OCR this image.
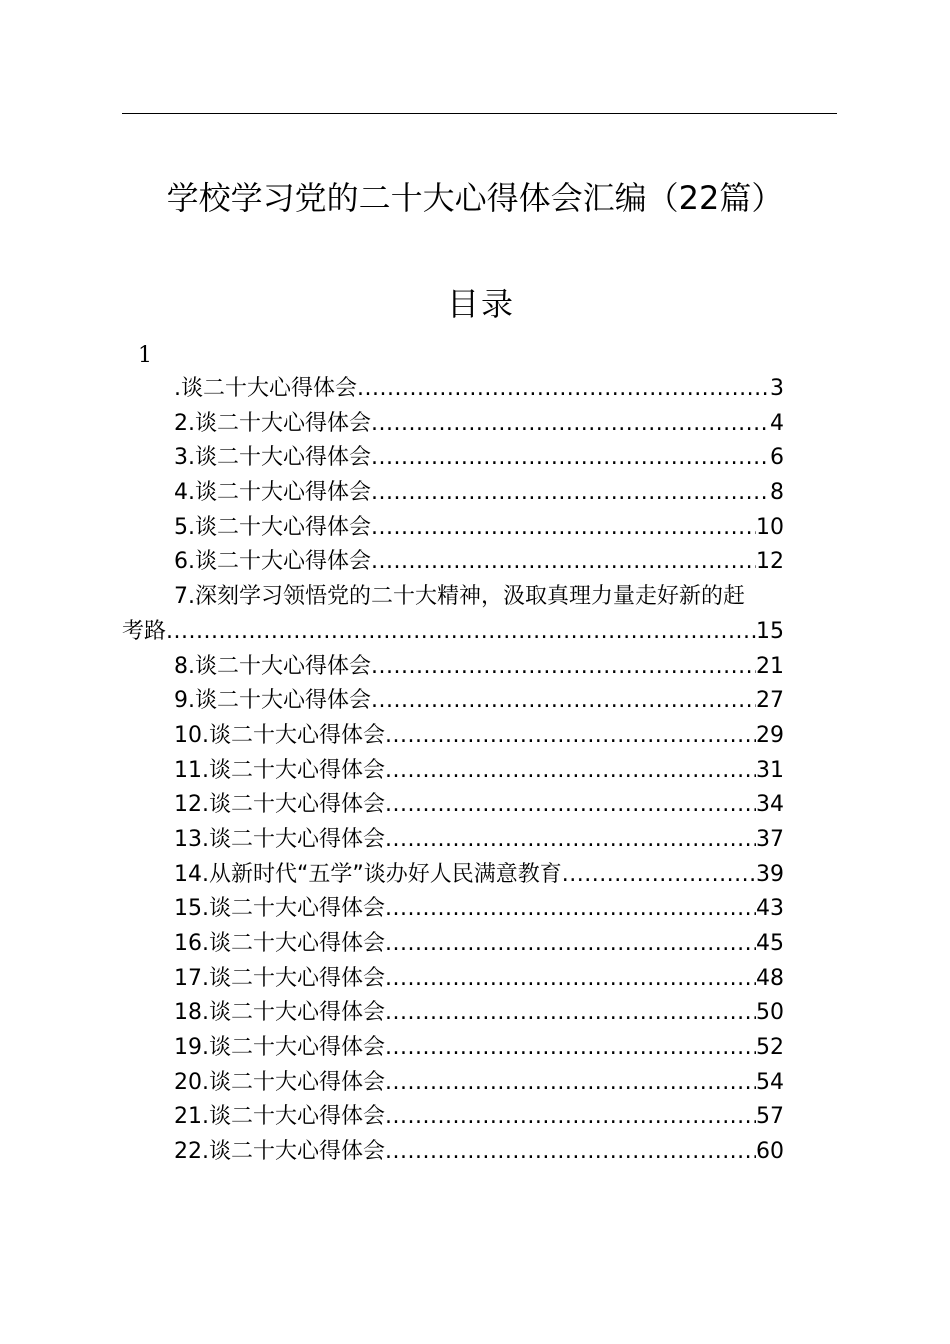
学校学习党的二十大心得体会汇编（22篇）
目录
1
.谈二十大心得体会 .....	3
2.谈二十大心得体会 .....	4
3.谈二十大心得体会 .....	6
4.谈二十大心得体会 .....	8
5.谈二十大心得体会 .....	10
6.谈二十大心得体会 .....	12
7.深刻学习领悟党的二十大精神，汲取真理力量走好新的赶
考路 .....	15
8.谈二十大心得体会 .....	21
9.谈二十大心得体会 .....	27
10.谈二十大心得体会 .....	29
11.谈二十大心得体会 .....	31
12.谈二十大心得体会 .....	34
13.谈二十大心得体会 .....	37
14.从新时代“五学”谈办好人民满意教育 .....	39
15.谈二十大心得体会 .....	43
16.谈二十大心得体会 .....	45
17.谈二十大心得体会 .....	48
18.谈二十大心得体会 .....	50
19.谈二十大心得体会 .....	52
20.谈二十大心得体会 .....	54
21.谈二十大心得体会 .....	57
22.谈二十大心得体会 .....	60
